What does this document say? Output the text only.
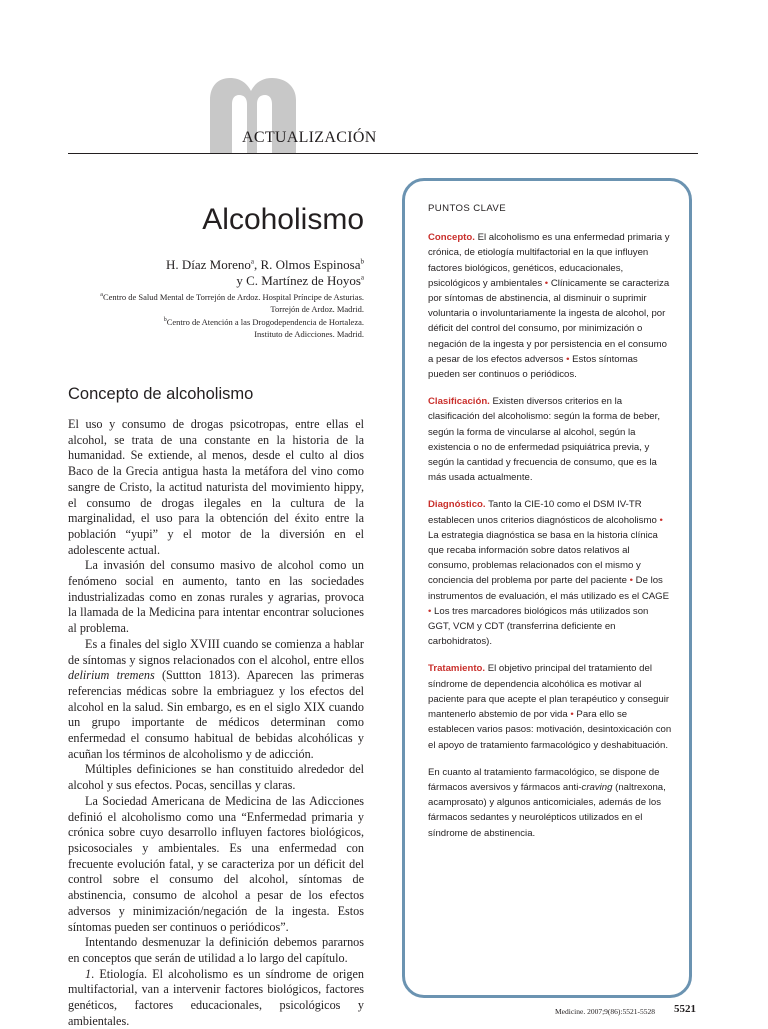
ACTUALIZACIÓN
Alcoholismo
H. Díaz Moreno$^a$, R. Olmos Espinosa$^b$
y C. Martínez de Hoyos$^a$
$^a$Centro de Salud Mental de Torrejón de Ardoz. Hospital Príncipe de Asturias.
Torrejón de Ardoz. Madrid.
$^b$Centro de Atención a las Drogodependencia de Hortaleza.
Instituto de Adicciones. Madrid.
Concepto de alcoholismo

El uso y consumo de drogas psicotropas, entre ellas el alcohol, se trata de una constante en la historia de la humanidad. Se extiende, al menos, desde el culto al dios Baco de la Grecia antigua hasta la metáfora del vino como sangre de Cristo, la actitud naturista del movimiento hippy, el consumo de drogas ilegales en la cultura de la marginalidad, el uso para la obtención del éxito entre la población “yupi” y el motor de la diversión en el adolescente actual.

La invasión del consumo masivo de alcohol como un fenómeno social en aumento, tanto en las sociedades industrializadas como en zonas rurales y agrarias, provoca la llamada de la Medicina para intentar encontrar soluciones al problema.

Es a finales del siglo XVIII cuando se comienza a hablar de síntomas y signos relacionados con el alcohol, entre ellos delirium tremens (Suttton 1813). Aparecen las primeras referencias médicas sobre la embriaguez y los efectos del alcohol en la salud. Sin embargo, es en el siglo XIX cuando un grupo importante de médicos determinan como enfermedad el consumo habitual de bebidas alcohólicas y acuñan los términos de alcoholismo y de adicción.

Múltiples definiciones se han constituido alrededor del alcohol y sus efectos. Pocas, sencillas y claras.

La Sociedad Americana de Medicina de las Adicciones definió el alcoholismo como una “Enfermedad primaria y crónica sobre cuyo desarrollo influyen factores biológicos, psicosociales y ambientales. Es una enfermedad con frecuente evolución fatal, y se caracteriza por un déficit del control sobre el consumo del alcohol, síntomas de abstinencia, consumo de alcohol a pesar de los efectos adversos y minimización/negación de la ingesta. Estos síntomas pueden ser continuos o periódicos”.

Intentando desmenuzar la definición debemos pararnos en conceptos que serán de utilidad a lo largo del capítulo.

1. Etiología. El alcoholismo es un síndrome de origen multifactorial, van a intervenir factores biológicos, factores genéticos, factores educacionales, psicológicos y ambientales.

PUNTOS CLAVE

Concepto. El alcoholismo es una enfermedad primaria y crónica, de etiología multifactorial en la que influyen factores biológicos, genéticos, educacionales, psicológicos y ambientales • Clínicamente se caracteriza por síntomas de abstinencia, al disminuir o suprimir voluntaria o involuntariamente la ingesta de alcohol, por déficit del control del consumo, por minimización o negación de la ingesta y por persistencia en el consumo a pesar de los efectos adversos • Estos síntomas pueden ser continuos o periódicos.

Clasificación. Existen diversos criterios en la clasificación del alcoholismo: según la forma de beber, según la forma de vincularse al alcohol, según la existencia o no de enfermedad psiquiátrica previa, y según la cantidad y frecuencia de consumo, que es la más usada actualmente.

Diagnóstico. Tanto la CIE-10 como el DSM IV-TR establecen unos criterios diagnósticos de alcoholismo • La estrategia diagnóstica se basa en la historia clínica que recaba información sobre datos relativos al consumo, problemas relacionados con el mismo y conciencia del problema por parte del paciente • De los instrumentos de evaluación, el más utilizado es el CAGE • Los tres marcadores biológicos más utilizados son GGT, VCM y CDT (transferrina deficiente en carbohidratos).

Tratamiento. El objetivo principal del tratamiento del síndrome de dependencia alcohólica es motivar al paciente para que acepte el plan terapéutico y conseguir mantenerlo abstemio de por vida • Para ello se establecen varios pasos: motivación, desintoxicación con el apoyo de tratamiento farmacológico y deshabituación.

En cuanto al tratamiento farmacológico, se dispone de fármacos aversivos y fármacos anti-craving (naltrexona, acamprosato) y algunos anticomiciales, además de los fármacos sedantes y neurolépticos utilizados en el síndrome de abstinencia.

Medicine. 2007;9(86):5521-5528 5521
